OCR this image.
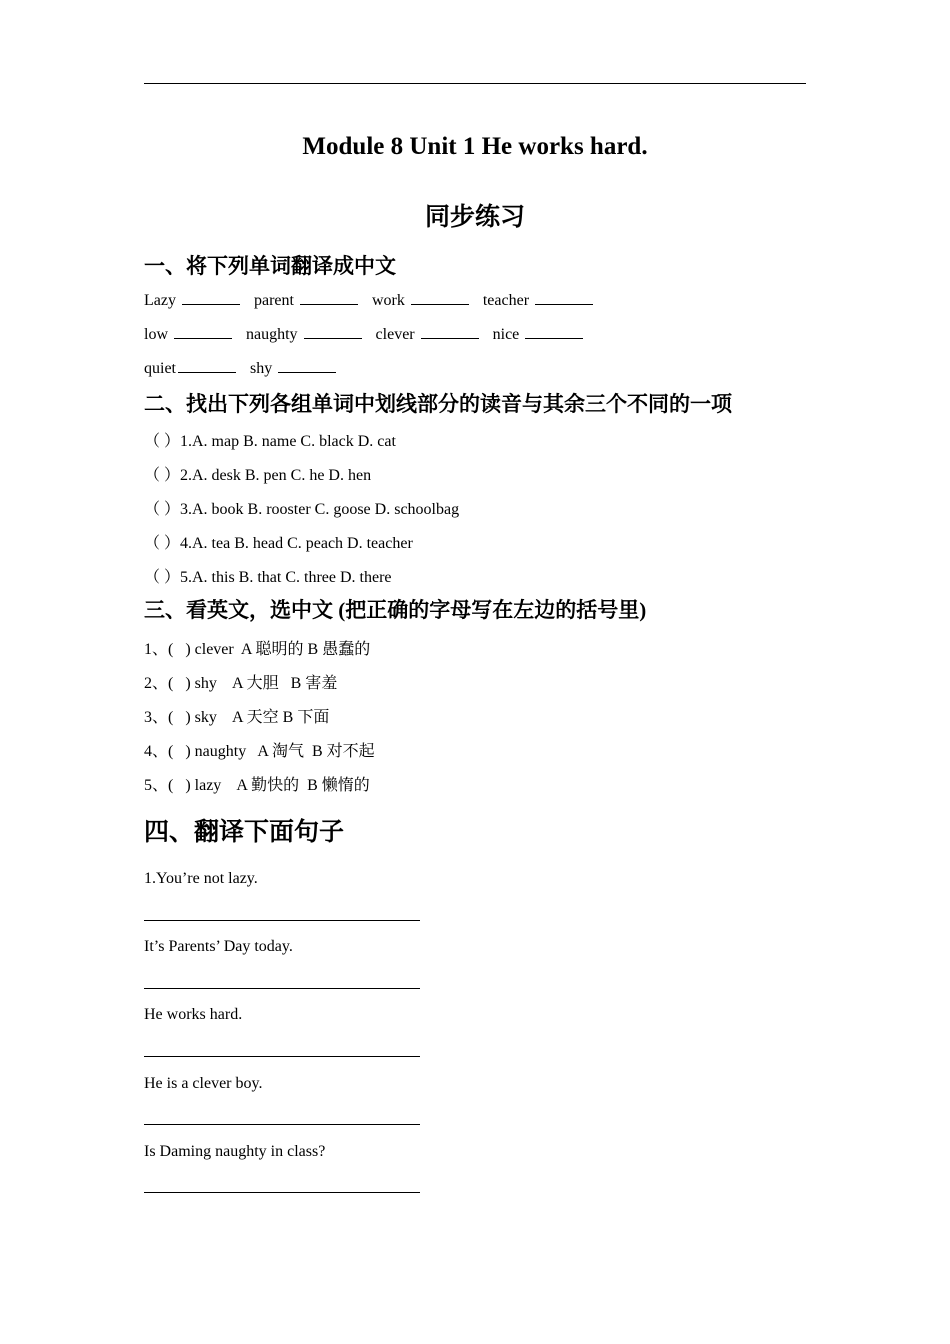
Module 8 Unit 1 He works hard.
同步练习
一、将下列单词翻译成中文
Lazy	parent	work	teacher
low	naughty	clever	nice
quiet	shy
二、找出下列各组单词中划线部分的读音与其余三个不同的一项
（ ）1.A. map B. name C. black D. cat
（ ）2.A. desk B. pen C. he D. hen
（ ）3.A. book B. rooster C. goose D. schoolbag
（ ）4.A. tea B. head C. peach D. teacher
（ ）5.A. this B. that C. three D. there
三、看英文，选中文 (把正确的字母写在左边的括号里)
1、(   ) clever  A 聪明的 B 愚蠢的
2、(   ) shy    A 大胆   B 害羞
3、(   ) sky    A 天空 B 下面
4、(   ) naughty   A 淘气  B 对不起
5、(   ) lazy    A 勤快的  B 懒惰的
四、翻译下面句子
1.You’re not lazy.
It’s Parents’ Day today.
He works hard.
He is a clever boy.
Is Daming naughty in class?
